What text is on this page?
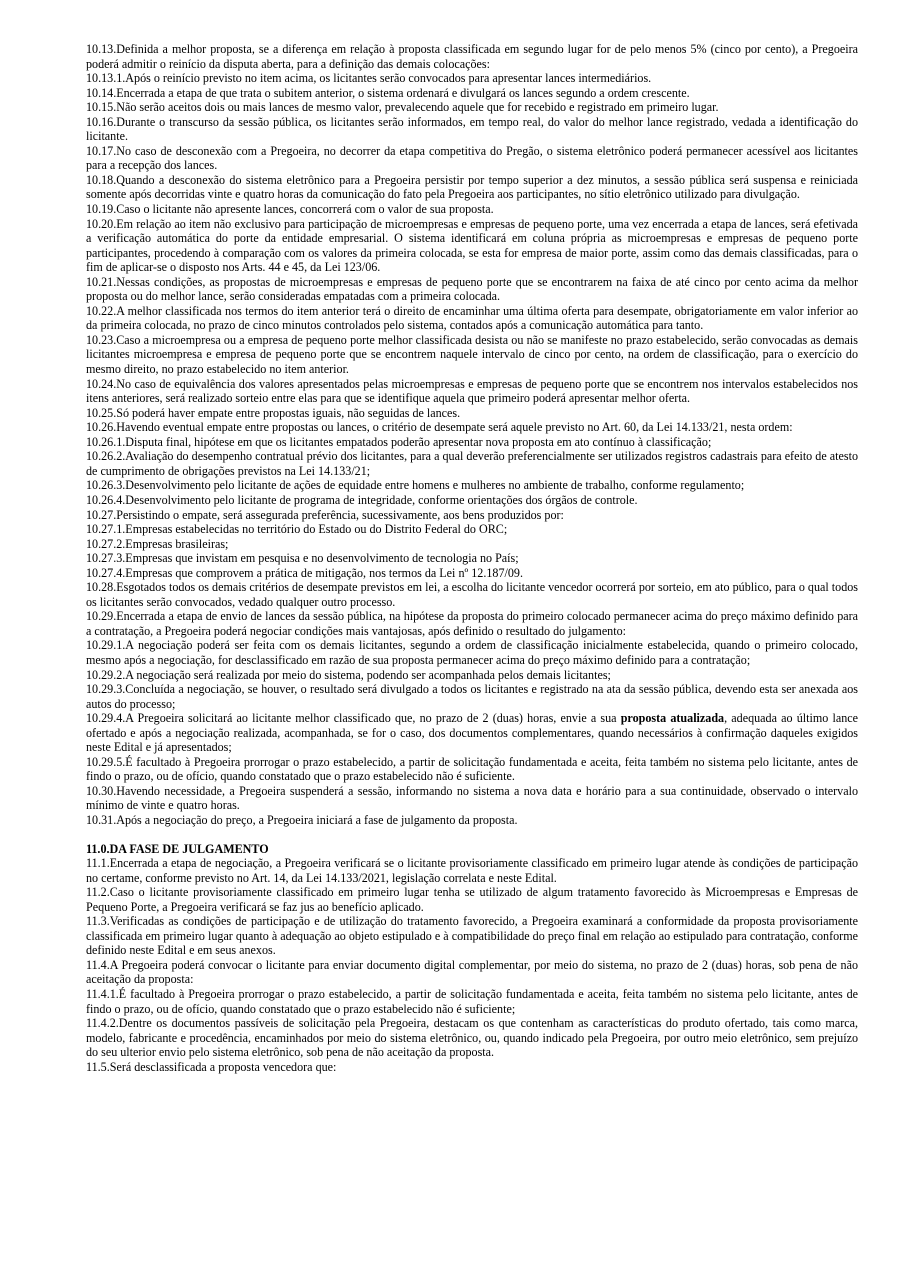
10.13.Definida a melhor proposta, se a diferença em relação à proposta classificada em segundo lugar for de pelo menos 5% (cinco por cento), a Pregoeira poderá admitir o reinício da disputa aberta, para a definição das demais colocações:

10.13.1.Após o reinício previsto no item acima, os licitantes serão convocados para apresentar lances intermediários.

10.14.Encerrada a etapa de que trata o subitem anterior, o sistema ordenará e divulgará os lances segundo a ordem crescente.

10.15.Não serão aceitos dois ou mais lances de mesmo valor, prevalecendo aquele que for recebido e registrado em primeiro lugar.

10.16.Durante o transcurso da sessão pública, os licitantes serão informados, em tempo real, do valor do melhor lance registrado, vedada a identificação do licitante.

10.17.No caso de desconexão com a Pregoeira, no decorrer da etapa competitiva do Pregão, o sistema eletrônico poderá permanecer acessível aos licitantes para a recepção dos lances.

10.18.Quando a desconexão do sistema eletrônico para a Pregoeira persistir por tempo superior a dez minutos, a sessão pública será suspensa e reiniciada somente após decorridas vinte e quatro horas da comunicação do fato pela Pregoeira aos participantes, no sítio eletrônico utilizado para divulgação.

10.19.Caso o licitante não apresente lances, concorrerá com o valor de sua proposta.

10.20.Em relação ao item não exclusivo para participação de microempresas e empresas de pequeno porte, uma vez encerrada a etapa de lances, será efetivada a verificação automática do porte da entidade empresarial. O sistema identificará em coluna própria as microempresas e empresas de pequeno porte participantes, procedendo à comparação com os valores da primeira colocada, se esta for empresa de maior porte, assim como das demais classificadas, para o fim de aplicar-se o disposto nos Arts. 44 e 45, da Lei 123/06.

10.21.Nessas condições, as propostas de microempresas e empresas de pequeno porte que se encontrarem na faixa de até cinco por cento acima da melhor proposta ou do melhor lance, serão consideradas empatadas com a primeira colocada.

10.22.A melhor classificada nos termos do item anterior terá o direito de encaminhar uma última oferta para desempate, obrigatoriamente em valor inferior ao da primeira colocada, no prazo de cinco minutos controlados pelo sistema, contados após a comunicação automática para tanto.

10.23.Caso a microempresa ou a empresa de pequeno porte melhor classificada desista ou não se manifeste no prazo estabelecido, serão convocadas as demais licitantes microempresa e empresa de pequeno porte que se encontrem naquele intervalo de cinco por cento, na ordem de classificação, para o exercício do mesmo direito, no prazo estabelecido no item anterior.

10.24.No caso de equivalência dos valores apresentados pelas microempresas e empresas de pequeno porte que se encontrem nos intervalos estabelecidos nos itens anteriores, será realizado sorteio entre elas para que se identifique aquela que primeiro poderá apresentar melhor oferta.

10.25.Só poderá haver empate entre propostas iguais, não seguidas de lances.

10.26.Havendo eventual empate entre propostas ou lances, o critério de desempate será aquele previsto no Art. 60, da Lei 14.133/21, nesta ordem:

10.26.1.Disputa final, hipótese em que os licitantes empatados poderão apresentar nova proposta em ato contínuo à classificação;

10.26.2.Avaliação do desempenho contratual prévio dos licitantes, para a qual deverão preferencialmente ser utilizados registros cadastrais para efeito de atesto de cumprimento de obrigações previstos na Lei 14.133/21;

10.26.3.Desenvolvimento pelo licitante de ações de equidade entre homens e mulheres no ambiente de trabalho, conforme regulamento;

10.26.4.Desenvolvimento pelo licitante de programa de integridade, conforme orientações dos órgãos de controle.

10.27.Persistindo o empate, será assegurada preferência, sucessivamente, aos bens produzidos por:

10.27.1.Empresas estabelecidas no território do Estado ou do Distrito Federal do ORC;

10.27.2.Empresas brasileiras;

10.27.3.Empresas que invistam em pesquisa e no desenvolvimento de tecnologia no País;

10.27.4.Empresas que comprovem a prática de mitigação, nos termos da Lei nº 12.187/09.

10.28.Esgotados todos os demais critérios de desempate previstos em lei, a escolha do licitante vencedor ocorrerá por sorteio, em ato público, para o qual todos os licitantes serão convocados, vedado qualquer outro processo.

10.29.Encerrada a etapa de envio de lances da sessão pública, na hipótese da proposta do primeiro colocado permanecer acima do preço máximo definido para a contratação, a Pregoeira poderá negociar condições mais vantajosas, após definido o resultado do julgamento:

10.29.1.A negociação poderá ser feita com os demais licitantes, segundo a ordem de classificação inicialmente estabelecida, quando o primeiro colocado, mesmo após a negociação, for desclassificado em razão de sua proposta permanecer acima do preço máximo definido para a contratação;

10.29.2.A negociação será realizada por meio do sistema, podendo ser acompanhada pelos demais licitantes;

10.29.3.Concluída a negociação, se houver, o resultado será divulgado a todos os licitantes e registrado na ata da sessão pública, devendo esta ser anexada aos autos do processo;

10.29.4.A Pregoeira solicitará ao licitante melhor classificado que, no prazo de 2 (duas) horas, envie a sua proposta atualizada, adequada ao último lance ofertado e após a negociação realizada, acompanhada, se for o caso, dos documentos complementares, quando necessários à confirmação daqueles exigidos neste Edital e já apresentados;

10.29.5.É facultado à Pregoeira prorrogar o prazo estabelecido, a partir de solicitação fundamentada e aceita, feita também no sistema pelo licitante, antes de findo o prazo, ou de ofício, quando constatado que o prazo estabelecido não é suficiente.

10.30.Havendo necessidade, a Pregoeira suspenderá a sessão, informando no sistema a nova data e horário para a sua continuidade, observado o intervalo mínimo de vinte e quatro horas.

10.31.Após a negociação do preço, a Pregoeira iniciará a fase de julgamento da proposta.

11.0.DA FASE DE JULGAMENTO

11.1.Encerrada a etapa de negociação, a Pregoeira verificará se o licitante provisoriamente classificado em primeiro lugar atende às condições de participação no certame, conforme previsto no Art. 14, da Lei 14.133/2021, legislação correlata e neste Edital.

11.2.Caso o licitante provisoriamente classificado em primeiro lugar tenha se utilizado de algum tratamento favorecido às Microempresas e Empresas de Pequeno Porte, a Pregoeira verificará se faz jus ao benefício aplicado.

11.3.Verificadas as condições de participação e de utilização do tratamento favorecido, a Pregoeira examinará a conformidade da proposta provisoriamente classificada em primeiro lugar quanto à adequação ao objeto estipulado e à compatibilidade do preço final em relação ao estipulado para contratação, conforme definido neste Edital e em seus anexos.

11.4.A Pregoeira poderá convocar o licitante para enviar documento digital complementar, por meio do sistema, no prazo de 2 (duas) horas, sob pena de não aceitação da proposta:

11.4.1.É facultado à Pregoeira prorrogar o prazo estabelecido, a partir de solicitação fundamentada e aceita, feita também no sistema pelo licitante, antes de findo o prazo, ou de ofício, quando constatado que o prazo estabelecido não é suficiente;

11.4.2.Dentre os documentos passíveis de solicitação pela Pregoeira, destacam os que contenham as características do produto ofertado, tais como marca, modelo, fabricante e procedência, encaminhados por meio do sistema eletrônico, ou, quando indicado pela Pregoeira, por outro meio eletrônico, sem prejuízo do seu ulterior envio pelo sistema eletrônico, sob pena de não aceitação da proposta.

11.5.Será desclassificada a proposta vencedora que:
